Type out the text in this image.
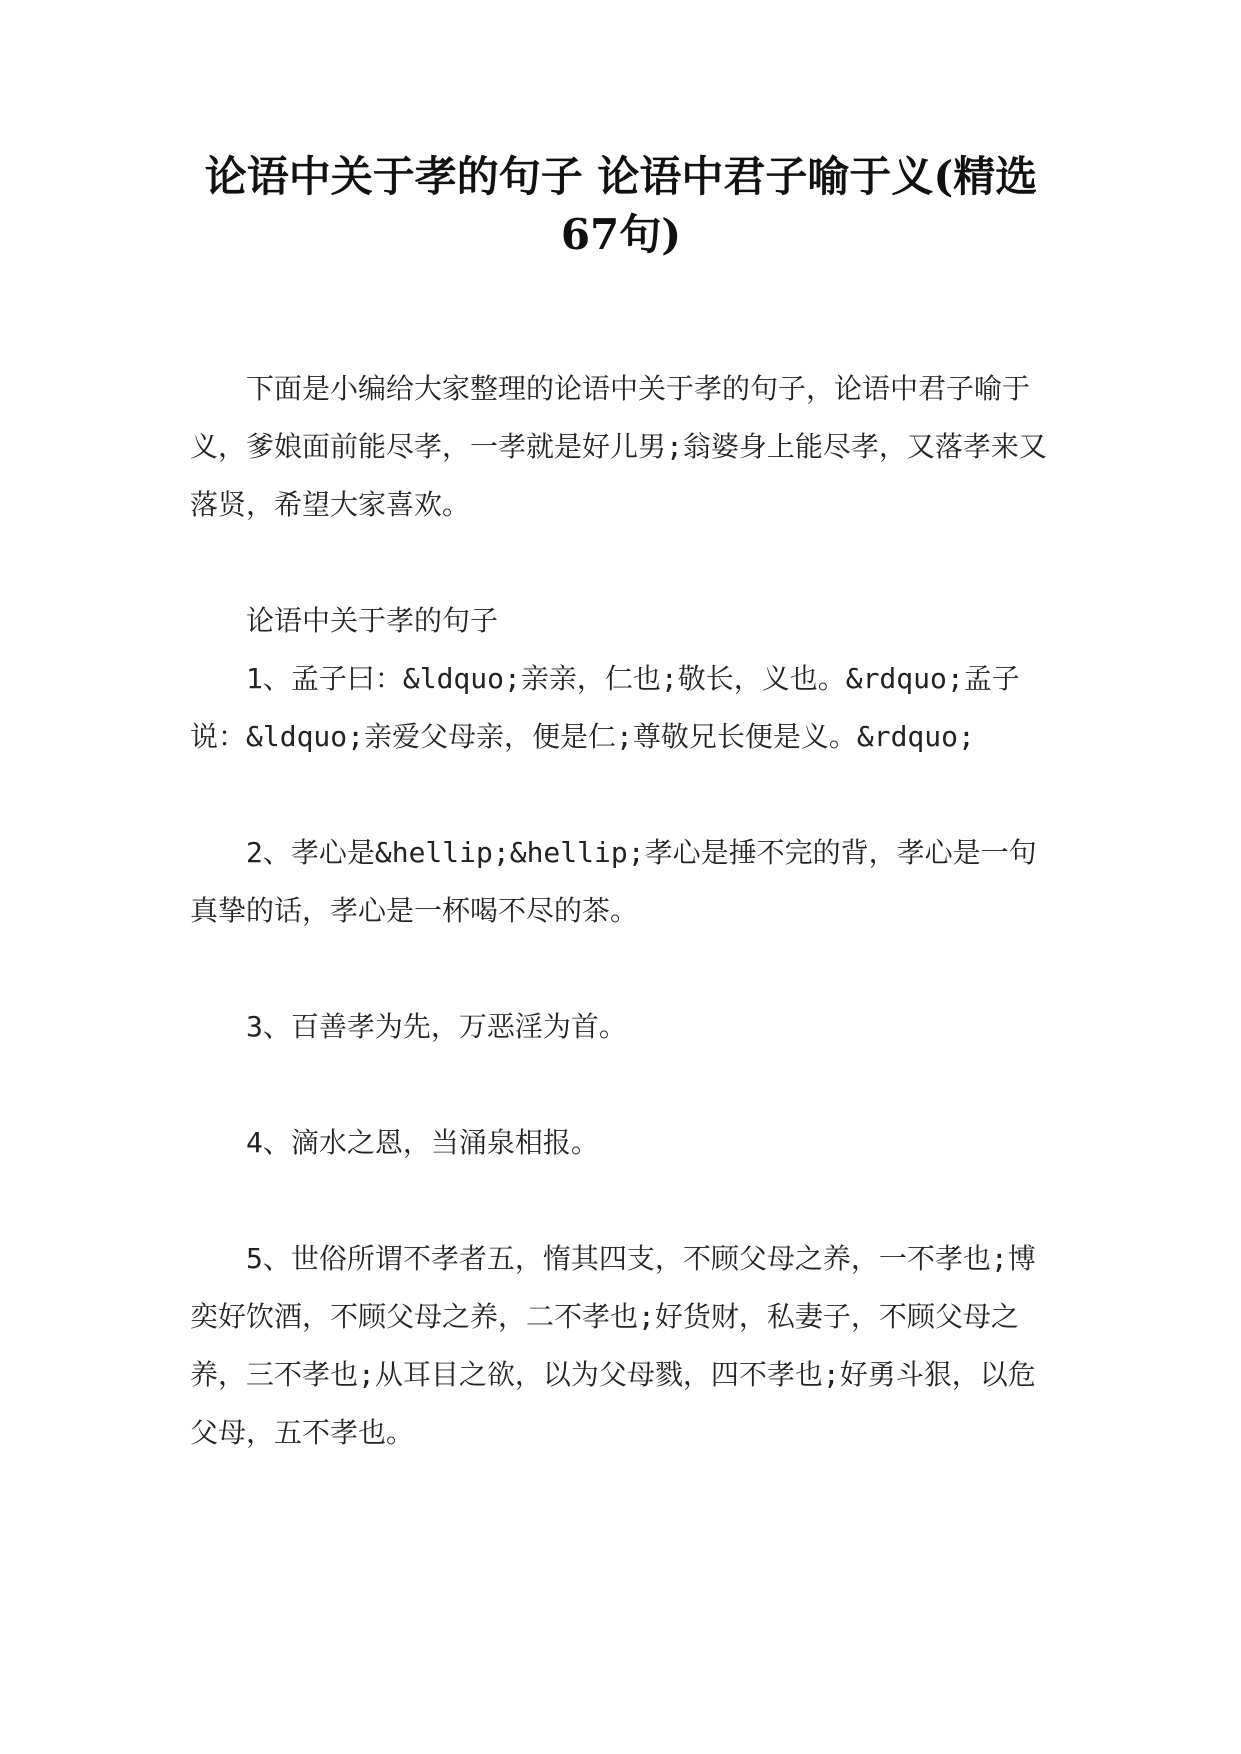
论语中关于孝的句子 论语中君子喻于义(精选67句)

下面是小编给大家整理的论语中关于孝的句子，论语中君子喻于义，爹娘面前能尽孝，一孝就是好儿男;翁婆身上能尽孝，又落孝来又落贤，希望大家喜欢。

论语中关于孝的句子

1、孟子曰：&ldquo;亲亲，仁也;敬长，义也。&rdquo;孟子说：&ldquo;亲爱父母亲，便是仁;尊敬兄长便是义。&rdquo;

2、孝心是&hellip;&hellip;孝心是捶不完的背，孝心是一句真挚的话，孝心是一杯喝不尽的茶。

3、百善孝为先，万恶淫为首。

4、滴水之恩，当涌泉相报。

5、世俗所谓不孝者五，惰其四支，不顾父母之养，一不孝也;博奕好饮酒，不顾父母之养，二不孝也;好货财，私妻子，不顾父母之养，三不孝也;从耳目之欲，以为父母戮，四不孝也;好勇斗狠，以危父母，五不孝也。
